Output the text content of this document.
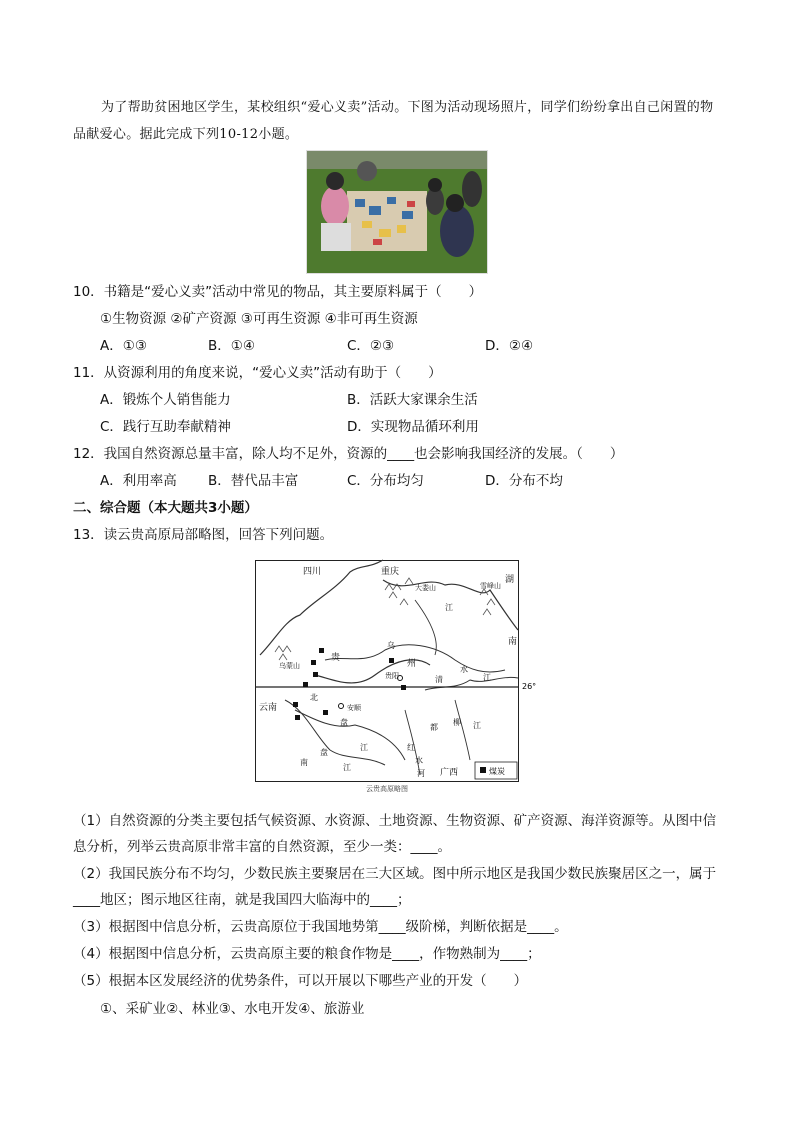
为了帮助贫困地区学生，某校组织“爱心义卖”活动。下图为活动现场照片，同学们纷纷拿出自己闲置的物品献爱心。据此完成下列10-12小题。
10．书籍是“爱心义卖”活动中常见的物品，其主要原料属于（　　）
①生物资源 ②矿产资源 ③可再生资源 ④非可再生资源
A．①③	B．①④	C．②③	D．②④
11．从资源利用的角度来说，“爱心义卖”活动有助于（　　）
A．锻炼个人销售能力	B．活跃大家课余生活
C．践行互助奉献精神	D．实现物品循环利用
12．我国自然资源总量丰富，除人均不足外，资源的____也会影响我国经济的发展。（　　）
A．利用率高 B．替代品丰富	C．分布均匀	D．分布不均
二、综合题（本大题共3小题）
13．读云贵高原局部略图，回答下列问题。
26°
四川	重庆
湖
南
云南
广西
乌蒙山
大娄山	雪峰山
贵
州
贵阳
安顺
乌
江
清
水
江
北
盘
江
南
盘
江
红
水
河
都
柳 江
煤炭
云贵高原略图
（1）自然资源的分类主要包括气候资源、水资源、土地资源、生物资源、矿产资源、海洋资源等。从图中信息分析，列举云贵高原非常丰富的自然资源，至少一类：____。
（2）我国民族分布不均匀，少数民族主要聚居在三大区域。图中所示地区是我国少数民族聚居区之一，属于____地区；图示地区往南，就是我国四大临海中的____；
（3）根据图中信息分析，云贵高原位于我国地势第____级阶梯，判断依据是____。
（4）根据图中信息分析，云贵高原主要的粮食作物是____，作物熟制为____；
（5）根据本区发展经济的优势条件，可以开展以下哪些产业的开发（　　）
①、采矿业②、林业③、水电开发④、旅游业
